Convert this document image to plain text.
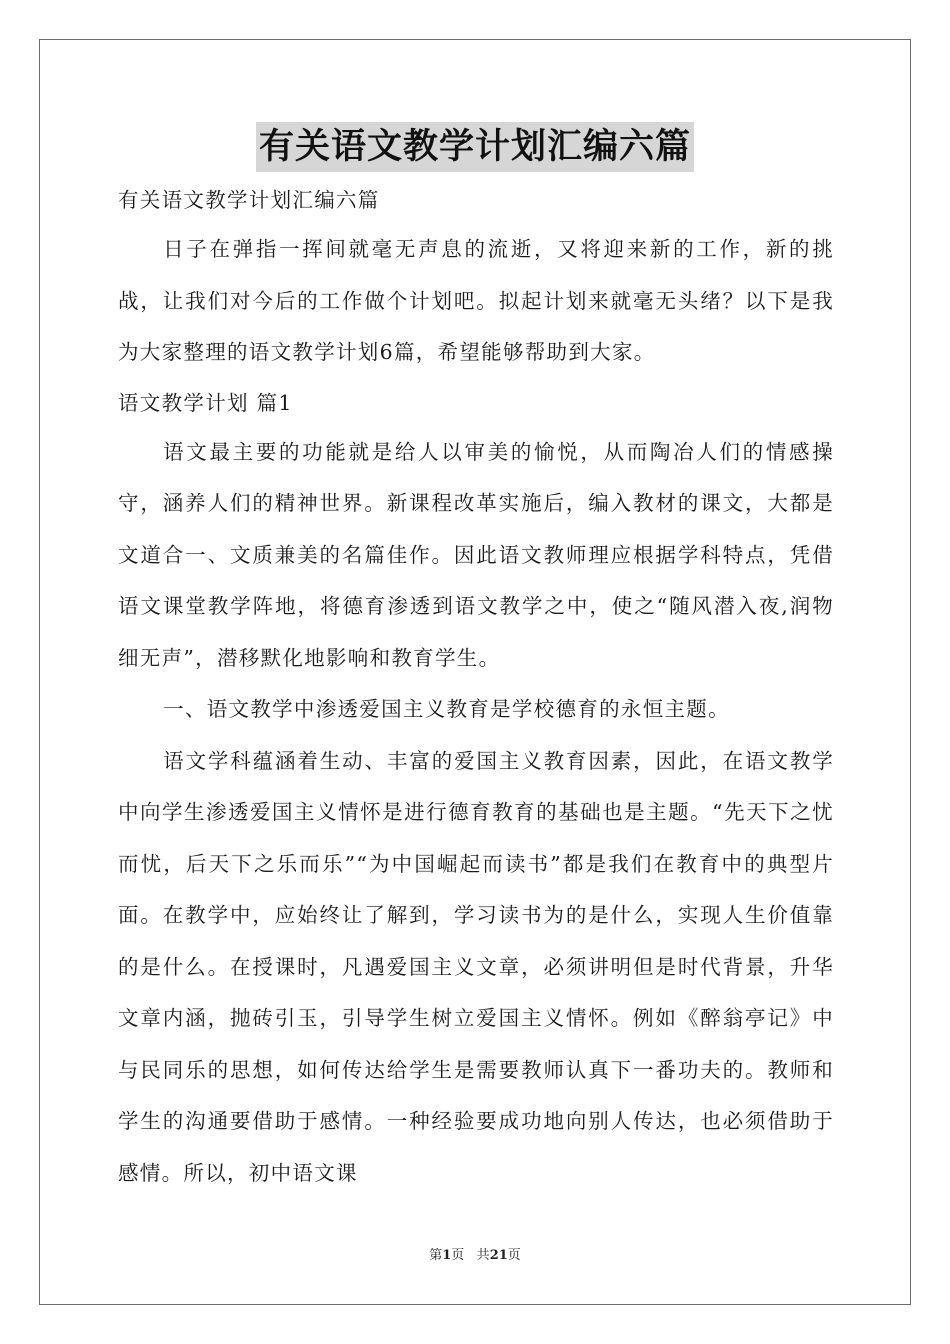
有关语文教学计划汇编六篇

有关语文教学计划汇编六篇

日子在弹指一挥间就毫无声息的流逝，又将迎来新的工作，新的挑战，让我们对今后的工作做个计划吧。拟起计划来就毫无头绪？以下是我为大家整理的语文教学计划6篇，希望能够帮助到大家。

语文教学计划 篇1

语文最主要的功能就是给人以审美的愉悦，从而陶冶人们的情感操守，涵养人们的精神世界。新课程改革实施后，编入教材的课文，大都是文道合一、文质兼美的名篇佳作。因此语文教师理应根据学科特点，凭借语文课堂教学阵地，将德育渗透到语文教学之中，使之“随风潜入夜,润物细无声”，潜移默化地影响和教育学生。

一、语文教学中渗透爱国主义教育是学校德育的永恒主题。

语文学科蕴涵着生动、丰富的爱国主义教育因素，因此，在语文教学中向学生渗透爱国主义情怀是进行德育教育的基础也是主题。“先天下之忧而忧，后天下之乐而乐”“为中国崛起而读书”都是我们在教育中的典型片面。在教学中，应始终让了解到，学习读书为的是什么，实现人生价值靠的是什么。在授课时，凡遇爱国主义文章，必须讲明但是时代背景，升华文章内涵，抛砖引玉，引导学生树立爱国主义情怀。例如《醉翁亭记》中与民同乐的思想，如何传达给学生是需要教师认真下一番功夫的。教师和学生的沟通要借助于感情。一种经验要成功地向别人传达，也必须借助于感情。所以，初中语文课

第1页 共21页
